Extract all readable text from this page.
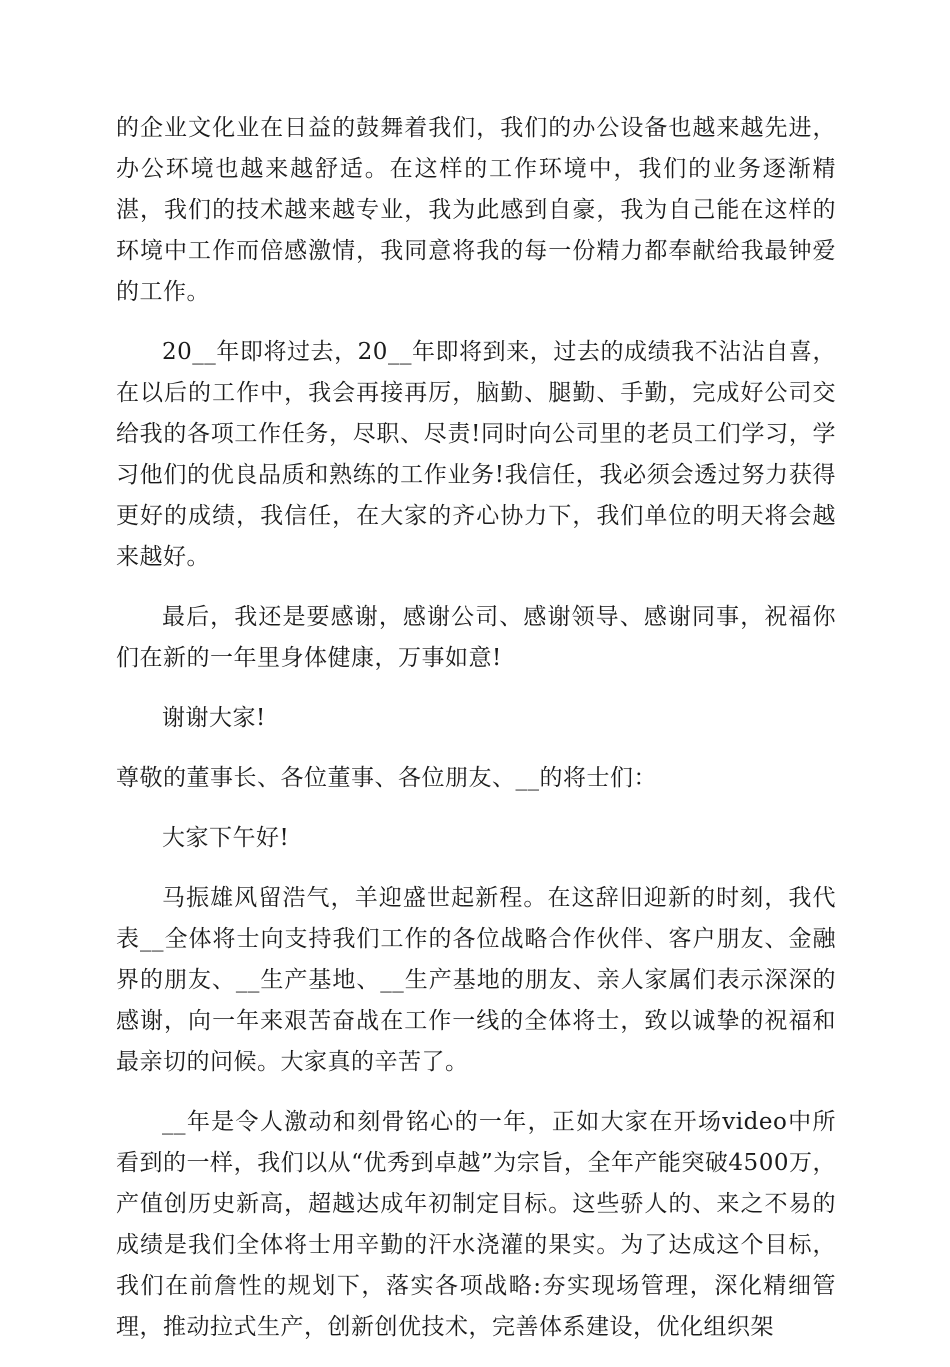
的企业文化业在日益的鼓舞着我们，我们的办公设备也越来越先进，办公环境也越来越舒适。在这样的工作环境中，我们的业务逐渐精湛，我们的技术越来越专业，我为此感到自豪，我为自己能在这样的环境中工作而倍感激情，我同意将我的每一份精力都奉献给我最钟爱的工作。

20__年即将过去，20__年即将到来，过去的成绩我不沾沾自喜，在以后的工作中，我会再接再厉，脑勤、腿勤、手勤，完成好公司交给我的各项工作任务，尽职、尽责!同时向公司里的老员工们学习，学习他们的优良品质和熟练的工作业务!我信任，我必须会透过努力获得更好的成绩，我信任，在大家的齐心协力下，我们单位的明天将会越来越好。

最后，我还是要感谢，感谢公司、感谢领导、感谢同事，祝福你们在新的一年里身体健康，万事如意!

谢谢大家!

尊敬的董事长、各位董事、各位朋友、__的将士们：

大家下午好!

马振雄风留浩气，羊迎盛世起新程。在这辞旧迎新的时刻，我代表__全体将士向支持我们工作的各位战略合作伙伴、客户朋友、金融界的朋友、__生产基地、__生产基地的朋友、亲人家属们表示深深的感谢，向一年来艰苦奋战在工作一线的全体将士，致以诚挚的祝福和最亲切的问候。大家真的辛苦了。

__年是令人激动和刻骨铭心的一年，正如大家在开场video中所看到的一样，我们以从“优秀到卓越”为宗旨，全年产能突破4500万，产值创历史新高，超越达成年初制定目标。这些骄人的、来之不易的成绩是我们全体将士用辛勤的汗水浇灌的果实。为了达成这个目标，我们在前詹性的规划下，落实各项战略:夯实现场管理，深化精细管理，推动拉式生产，创新创优技术，完善体系建设，优化组织架
